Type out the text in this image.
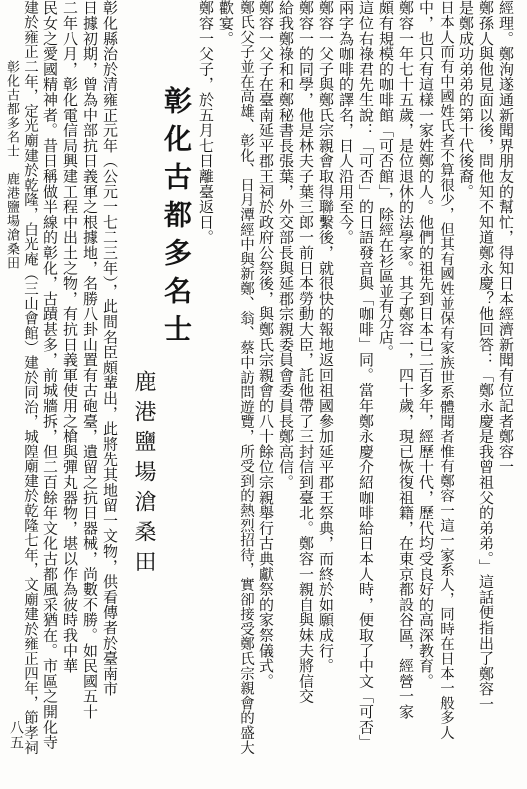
經理。鄭洵遂通新聞界朋友的幫忙，得知日本經濟新聞有位記者鄭容一
鄭孫人與他見面以後，問他知不知道鄭永慶？他回答：「鄭永慶是我曾祖父的弟弟。」這話便指出了鄭容一
是鄭成功弟弟的第十代後裔。
日本人而有中國姓氏者不算很少，但其有國姓並保有家族世系體聞者惟有鄭容一這一家系人，同時在日本一般多人
中，也只有這樣一家姓鄭的人。他們的祖先到日本已二百多年，經歷十代，歷代均受良好的高深教育。
鄭容一年七十五歲，是位退休的法學家。其子鄭容一，四十歲，現已恢復祖籍，在東京都設谷區，經營一家
頗有規模的咖啡館「可否館」，除經在衫區並有分店。
這位右祿君先生說：「可否」的日語發音與「咖啡」同。當年鄭永慶介紹咖啡給日本人時，便取了中文「可否」
兩字為咖啡的譯名，日人沿用至今。
鄭容一父子與鄭氏宗親會取得聯繫後，就很快的報地返回祖國參加延平郡王祭典，而終於如願成行。
鄭容一的同學，他是林夫子葉三郎一前日本勞動大臣，託他帶了三封信到臺北。鄭容一親自與妹夫將信交
給我鄭祿和和鄭秘書長張葉，外交部長與延郡宗親委員會委員長鄭高信。
鄭容一父子在臺南延平郡王祠於政府公祭後，與鄭氏宗親會的八十餘位宗親舉行古典獻祭的家祭儀式。
鄭氏父子並在高雄、彰化、日月潭經中與新鄭、翁、蔡中訪問遊覽，所受到的熱烈招待，實卻接受鄭氏宗親會的盛大
歡宴。
鄭容一父子，於五月七日離臺返日。
彰化古都多名士
鹿港鹽場滄桑田
彰化縣治於清雍正元年（公元一七二三年），此間名臣頗輩出，此將先其地留一文物，供看傳者於臺南市
日據初期，曾為中部抗日義軍之根據地，名勝八卦山置有古砲臺，遺留之抗日器械，尚數不勝。如民國五十
二年八月，彰化電信局興建工程中出土之物，有抗日義軍使用之槍與彈丸器物，堪以作為彼時我中華
民女之愛國精神者。昔日稱做半線的彰化，古蹟甚多，前城牆拆，但二百餘年文化古都風采猶在。市區之開化寺
建於雍正二年，定光廟建於乾隆，白光庵（三山會館）建於同治，城隍廟建於乾隆七年，文廟建於雍正四年，節孝祠
彰化古都多名士　鹿港鹽場滄桑田
八五
